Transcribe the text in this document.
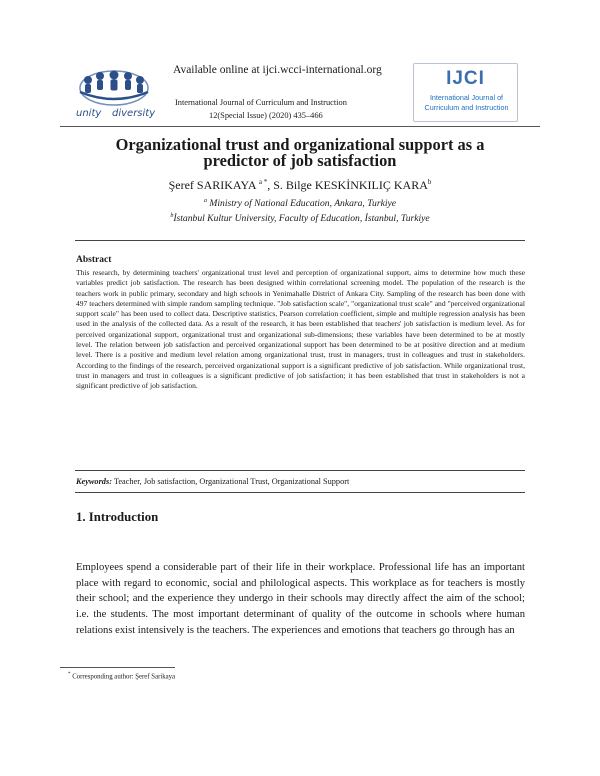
unity diversity
Available online at ijci.wcci-international.org
International Journal of Curriculum and Instruction
12(Special Issue) (2020) 435–466
IJCI
International Journal of
Curriculum and Instruction
Organizational trust and organizational support as a
predictor of job satisfaction
Şeref SARIKAYA $^{a *}$, S. Bilge KESKİNKILIÇ KARA$^b$
$^a$ Ministry of National Education, Ankara, Turkiye
$^b$İstanbul Kultur University, Faculty of Education, İstanbul, Turkiye
Abstract
This research, by determining teachers' organizational trust level and perception of organizational support, aims to determine how much these variables predict job satisfaction. The research has been designed within correlational screening model. The population of the research is the teachers work in public primary, secondary and high schools in Yenimahalle District of Ankara City. Sampling of the research has been done with 497 teachers determined with simple random sampling technique. "Job satisfaction scale", "organizational trust scale" and "perceived organizational support scale" has been used to collect data. Descriptive statistics, Pearson correlation coefficient, simple and multiple regression analysis has been used in the analysis of the collected data. As a result of the research, it has been established that teachers' job satisfaction is medium level. As for perceived organizational support, organizational trust and organizational sub-dimensions; these variables have been determined to be at mostly level. The relation between job satisfaction and perceived organizational support has been determined to be at positive direction and at medium level. There is a positive and medium level relation among organizational trust, trust in managers, trust in colleagues and trust in stakeholders. According to the findings of the research, perceived organizational support is a significant predictive of job satisfaction. While organizational trust, trust in managers and trust in colleagues is a significant predictive of job satisfaction; it has been established that trust in stakeholders is not a significant predictive of job satisfaction.
Keywords: Teacher, Job satisfaction, Organizational Trust, Organizational Support
1. Introduction
Employees spend a considerable part of their life in their workplace. Professional life has an important place with regard to economic, social and philological aspects. This workplace as for teachers is mostly their school; and the experience they undergo in their schools may directly affect the aim of the school; i.e. the students. The most important determinant of quality of the outcome in schools where human relations exist intensively is the teachers. The experiences and emotions that teachers go through has an
* Corresponding author: Şeref Sarikaya
